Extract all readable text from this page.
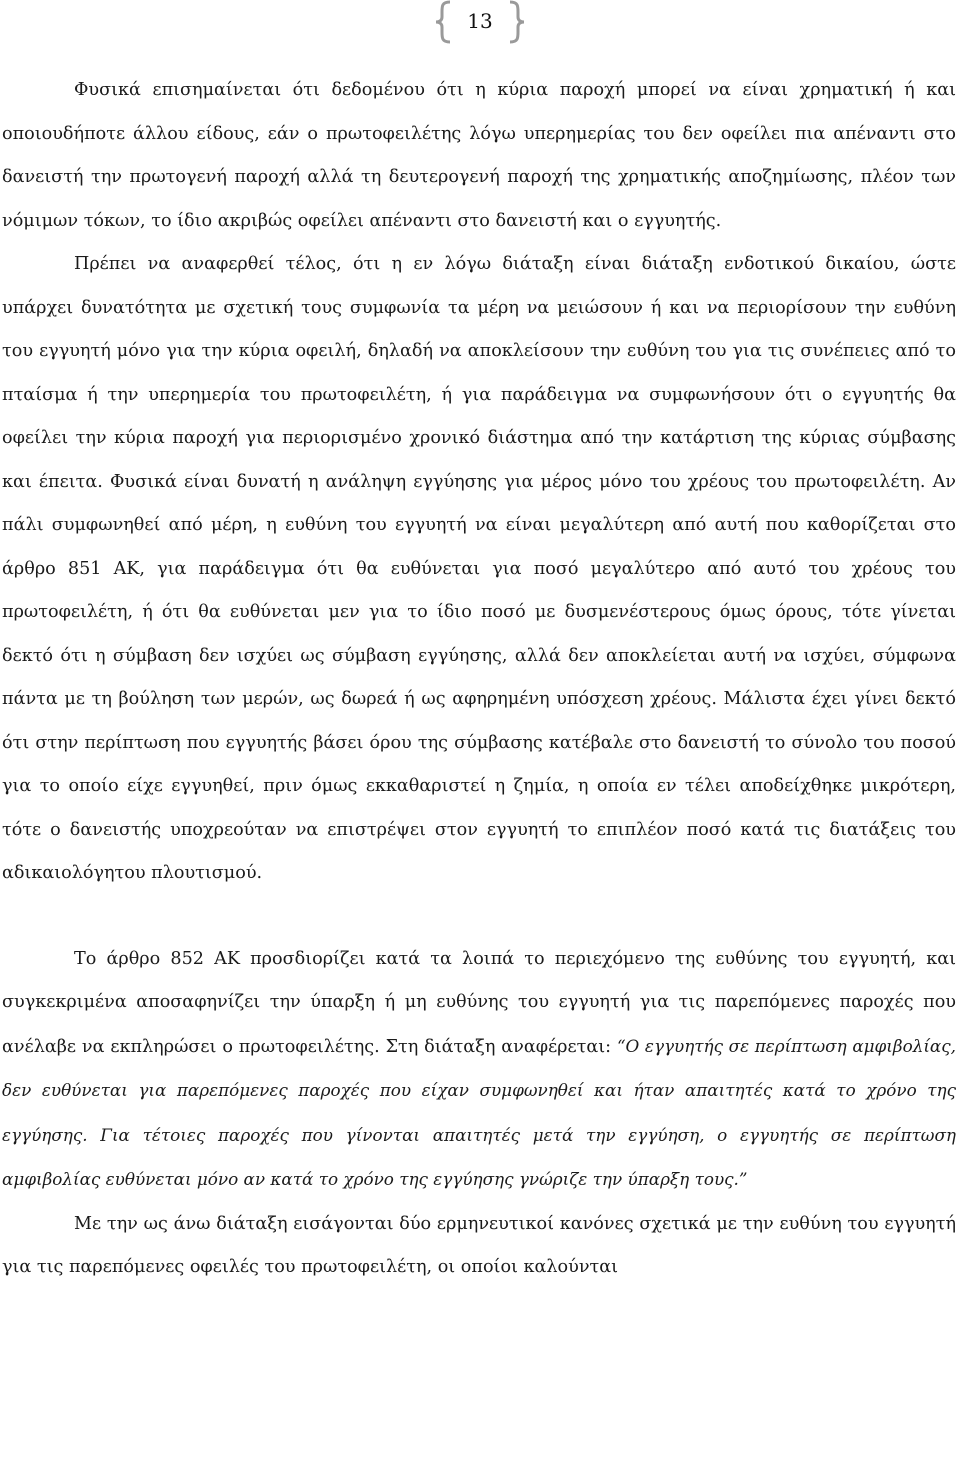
13

Φυσικά επισημαίνεται ότι δεδομένου ότι η κύρια παροχή μπορεί να είναι χρηματική ή και οποιουδήποτε άλλου είδους, εάν ο πρωτοφειλέτης λόγω υπερημερίας του δεν οφείλει πια απέναντι στο δανειστή την πρωτογενή παροχή αλλά τη δευτερογενή παροχή της χρηματικής αποζημίωσης, πλέον των νόμιμων τόκων, το ίδιο ακριβώς οφείλει απέναντι στο δανειστή και ο εγγυητής.

Πρέπει να αναφερθεί τέλος, ότι η εν λόγω διάταξη είναι διάταξη ενδοτικού δικαίου, ώστε υπάρχει δυνατότητα με σχετική τους συμφωνία τα μέρη να μειώσουν ή και να περιορίσουν την ευθύνη του εγγυητή μόνο για την κύρια οφειλή, δηλαδή να αποκλείσουν την ευθύνη του για τις συνέπειες από το πταίσμα ή την υπερημερία του πρωτοφειλέτη, ή για παράδειγμα να συμφωνήσουν ότι ο εγγυητής θα οφείλει την κύρια παροχή για περιορισμένο χρονικό διάστημα από την κατάρτιση της κύριας σύμβασης και έπειτα. Φυσικά είναι δυνατή η ανάληψη εγγύησης για μέρος μόνο του χρέους του πρωτοφειλέτη. Αν πάλι συμφωνηθεί από μέρη, η ευθύνη του εγγυητή να είναι μεγαλύτερη από αυτή που καθορίζεται στο άρθρο 851 ΑΚ, για παράδειγμα ότι θα ευθύνεται για ποσό μεγαλύτερο από αυτό του χρέους του πρωτοφειλέτη, ή ότι θα ευθύνεται μεν για το ίδιο ποσό με δυσμενέστερους όμως όρους, τότε γίνεται δεκτό ότι η σύμβαση δεν ισχύει ως σύμβαση εγγύησης, αλλά δεν αποκλείεται αυτή να ισχύει, σύμφωνα πάντα με τη βούληση των μερών, ως δωρεά ή ως αφηρημένη υπόσχεση χρέους. Μάλιστα έχει γίνει δεκτό ότι στην περίπτωση που εγγυητής βάσει όρου της σύμβασης κατέβαλε στο δανειστή το σύνολο του ποσού για το οποίο είχε εγγυηθεί, πριν όμως εκκαθαριστεί η ζημία, η οποία εν τέλει αποδείχθηκε μικρότερη, τότε ο δανειστής υποχρεούταν να επιστρέψει στον εγγυητή το επιπλέον ποσό κατά τις διατάξεις του αδικαιολόγητου πλουτισμού.

Το άρθρο 852 ΑΚ προσδιορίζει κατά τα λοιπά το περιεχόμενο της ευθύνης του εγγυητή, και συγκεκριμένα αποσαφηνίζει την ύπαρξη ή μη ευθύνης του εγγυητή για τις παρεπόμενες παροχές που ανέλαβε να εκπληρώσει ο πρωτοφειλέτης. Στη διάταξη αναφέρεται: “Ο εγγυητής σε περίπτωση αμφιβολίας, δεν ευθύνεται για παρεπόμενες παροχές που είχαν συμφωνηθεί και ήταν απαιτητές κατά το χρόνο της εγγύησης. Για τέτοιες παροχές που γίνονται απαιτητές μετά την εγγύηση, ο εγγυητής σε περίπτωση αμφιβολίας ευθύνεται μόνο αν κατά το χρόνο της εγγύησης γνώριζε την ύπαρξη τους.”

Με την ως άνω διάταξη εισάγονται δύο ερμηνευτικοί κανόνες σχετικά με την ευθύνη του εγγυητή για τις παρεπόμενες οφειλές του πρωτοφειλέτη, οι οποίοι καλούνται
